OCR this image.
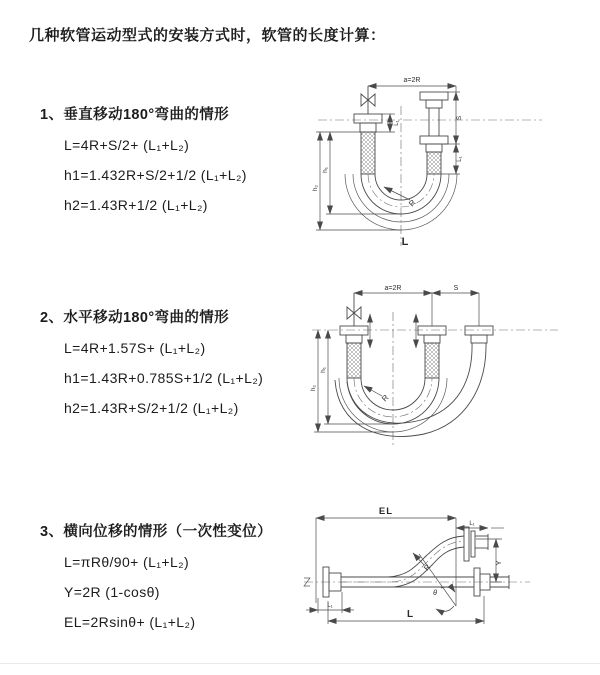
几种软管运动型式的安装方式时，软管的长度计算：
1、垂直移动180°弯曲的情形
L=4R+S/2+ (L₁+L₂)
h1=1.432R+S/2+1/2 (L₁+L₂)
h2=1.43R+1/2 (L₁+L₂)
a=2R
L₁
S
L₁
h₁
h₂
R
L
2、水平移动180°弯曲的情形
L=4R+1.57S+ (L₁+L₂)
h1=1.43R+0.785S+1/2 (L₁+L₂)
h2=1.43R+S/2+1/2 (L₁+L₂)
a=2R	S
h₁
h₂
R
3、横向位移的情形（一次性变位）
L=πRθ/90+ (L₁+L₂)
Y=2R (1-cosθ)
EL=2Rsinθ+ (L₁+L₂)
EL
L₁
θ
R	Y
L₁
L
